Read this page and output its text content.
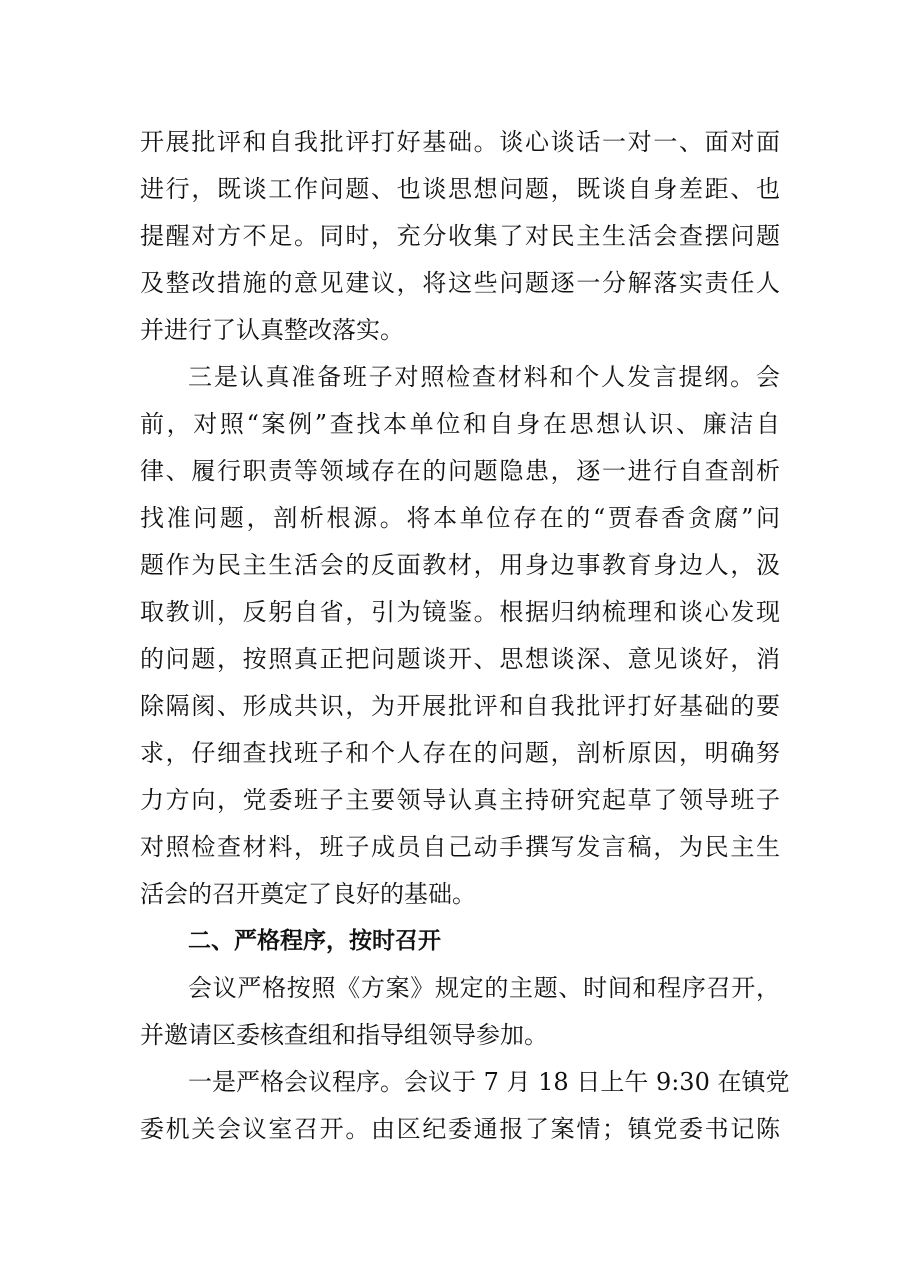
开展批评和自我批评打好基础。谈心谈话一对一、面对面
进行，既谈工作问题、也谈思想问题，既谈自身差距、也
提醒对方不足。同时，充分收集了对民主生活会查摆问题
及整改措施的意见建议，将这些问题逐一分解落实责任人
并进行了认真整改落实。
三是认真准备班子对照检查材料和个人发言提纲。会
前，对照“案例”查找本单位和自身在思想认识、廉洁自
律、履行职责等领域存在的问题隐患，逐一进行自查剖析
找准问题，剖析根源。将本单位存在的“贾春香贪腐”问
题作为民主生活会的反面教材，用身边事教育身边人，汲
取教训，反躬自省，引为镜鉴。根据归纳梳理和谈心发现
的问题，按照真正把问题谈开、思想谈深、意见谈好，消
除隔阂、形成共识，为开展批评和自我批评打好基础的要
求，仔细查找班子和个人存在的问题，剖析原因，明确努
力方向，党委班子主要领导认真主持研究起草了领导班子
对照检查材料，班子成员自己动手撰写发言稿，为民主生
活会的召开奠定了良好的基础。
二、严格程序，按时召开
会议严格按照《方案》规定的主题、时间和程序召开，
并邀请区委核查组和指导组领导参加。
一是严格会议程序。会议于 7 月 18 日上午 9:30 在镇党
委机关会议室召开。由区纪委通报了案情；镇党委书记陈
